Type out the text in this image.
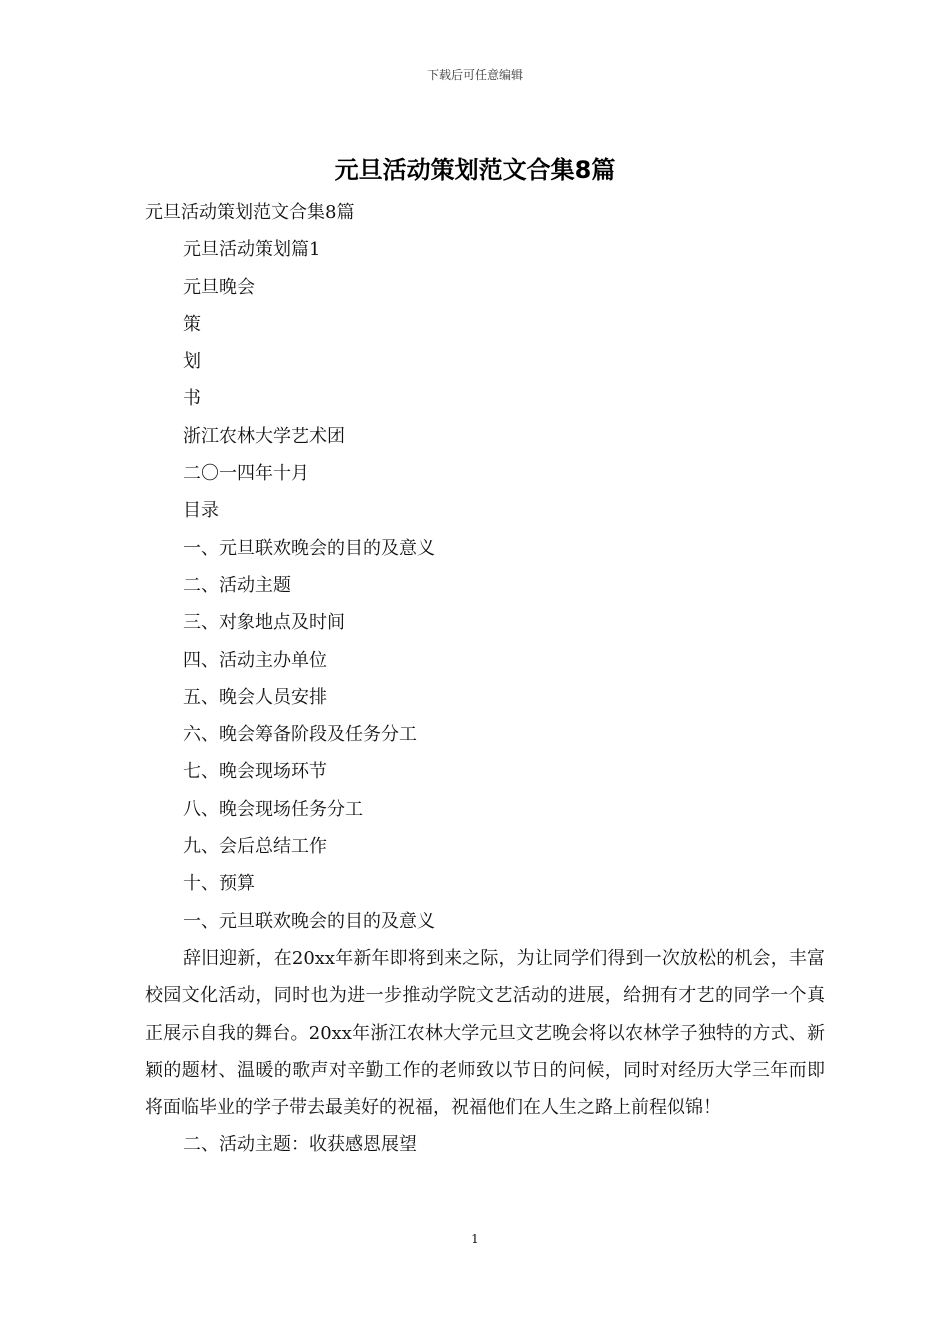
下载后可任意编辑
元旦活动策划范文合集8篇
元旦活动策划范文合集8篇
元旦活动策划篇1
元旦晚会
策
划
书
浙江农林大学艺术团
二〇一四年十月
目录
一、元旦联欢晚会的目的及意义
二、活动主题
三、对象地点及时间
四、活动主办单位
五、晚会人员安排
六、晚会筹备阶段及任务分工
七、晚会现场环节
八、晚会现场任务分工
九、会后总结工作
十、预算
一、元旦联欢晚会的目的及意义
辞旧迎新，在20xx年新年即将到来之际，为让同学们得到一次放松的机会，丰富校园文化活动，同时也为进一步推动学院文艺活动的进展，给拥有才艺的同学一个真正展示自我的舞台。20xx年浙江农林大学元旦文艺晚会将以农林学子独特的方式、新颖的题材、温暖的歌声对辛勤工作的老师致以节日的问候，同时对经历大学三年而即将面临毕业的学子带去最美好的祝福，祝福他们在人生之路上前程似锦！
二、活动主题：收获感恩展望
1
